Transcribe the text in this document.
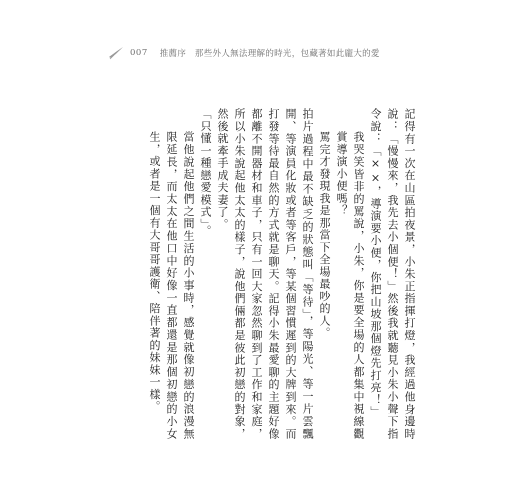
007 推薦序　那些外人無法理解的時光，包藏著如此龐大的愛

記得有一次在山區拍夜景，小朱正指揮打燈，我經過他身邊時說：「慢慢來，我先去小個便！」然後我就聽見小朱小聲下指令說：「××，導演要小便，你把山坡那個燈先打亮！」

我哭笑皆非的罵說，小朱，你是要全場的人都集中視線觀賞導演小便嗎？

罵完才發現我是那當下全場最吵的人。

拍片過程中最不缺乏的狀態叫「等待」，等陽光、等一片雲飄開、等演員化妝或者等客戶，等某個習慣遲到的大牌到來。而打發等待最自然的方式就是聊天。記得小朱最愛聊的主題好像都離不開器材和車子，只有一回大家忽然聊到了工作和家庭，所以小朱說起他太太的樣子，說他們倆都是彼此初戀的對象，然後就牽手成夫妻了。

「只懂一種戀愛模式」。

當他說起他們之間生活的小事時，感覺就像初戀的浪漫無限延長，而太太在他口中好像一直都還是那個初戀的小女生，或者是一個有大哥哥護衛、陪伴著的妹妹一樣。
